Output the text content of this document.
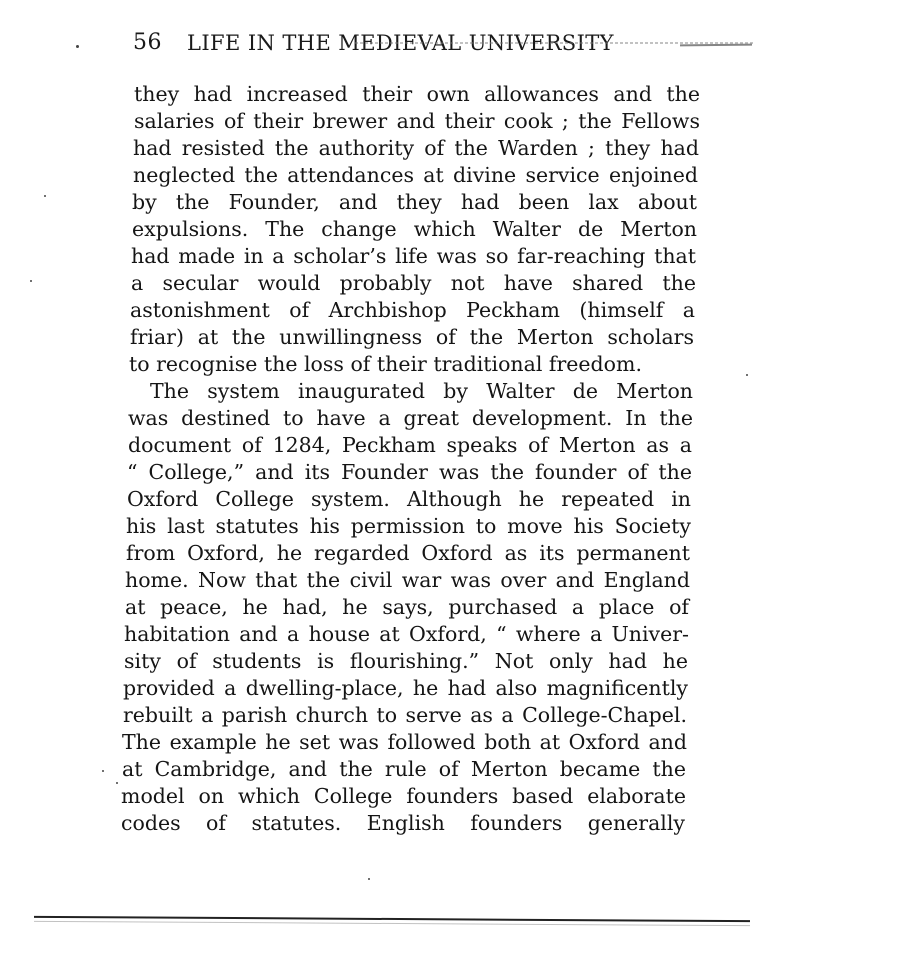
56 LIFE IN THE MEDIEVAL UNIVERSITY
they had increased their own allowances and the
salaries of their brewer and their cook ; the Fellows
had resisted the authority of the Warden ; they had
neglected the attendances at divine service enjoined
by the Founder, and they had been lax about
expulsions. The change which Walter de Merton
had made in a scholar’s life was so far-reaching that
a secular would probably not have shared the
astonishment of Archbishop Peckham (himself a
friar) at the unwillingness of the Merton scholars
to recognise the loss of their traditional freedom.
The system inaugurated by Walter de Merton
was destined to have a great development. In the
document of 1284, Peckham speaks of Merton as a
“ College,” and its Founder was the founder of the
Oxford College system. Although he repeated in
his last statutes his permission to move his Society
from Oxford, he regarded Oxford as its permanent
home. Now that the civil war was over and England
at peace, he had, he says, purchased a place of
habitation and a house at Oxford, “ where a Univer-
sity of students is flourishing.” Not only had he
provided a dwelling-place, he had also magnificently
rebuilt a parish church to serve as a College-Chapel.
The example he set was followed both at Oxford and
at Cambridge, and the rule of Merton became the
model on which College founders based elaborate
codes of statutes. English founders generally
